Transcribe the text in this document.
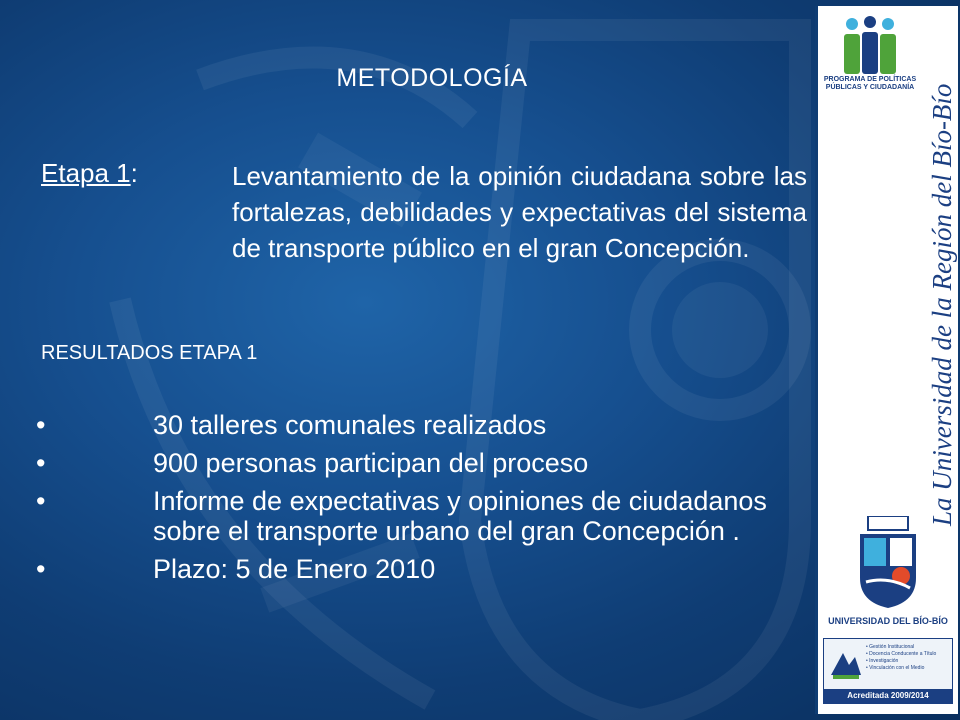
METODOLOGÍA
Etapa 1:	Levantamiento de la opinión ciudadana sobre las fortalezas, debilidades y expectativas del sistema de transporte público en el gran Concepción.
RESULTADOS ETAPA 1
•	30 talleres comunales realizados
•	900 personas participan del proceso
•	Informe de expectativas y opiniones de ciudadanos sobre el transporte urbano del gran Concepción .
•	Plazo: 5 de Enero 2010
PROGRAMA DE POLÍTICAS PÚBLICAS Y CIUDADANÍA La Universidad de la Región del Bío-Bío
UNIVERSIDAD DEL BÍO-BÍO
• Gestión Institucional
• Docencia Conducente a Título
• Investigación
• Vinculación con el Medio
Acreditada 2009/2014
